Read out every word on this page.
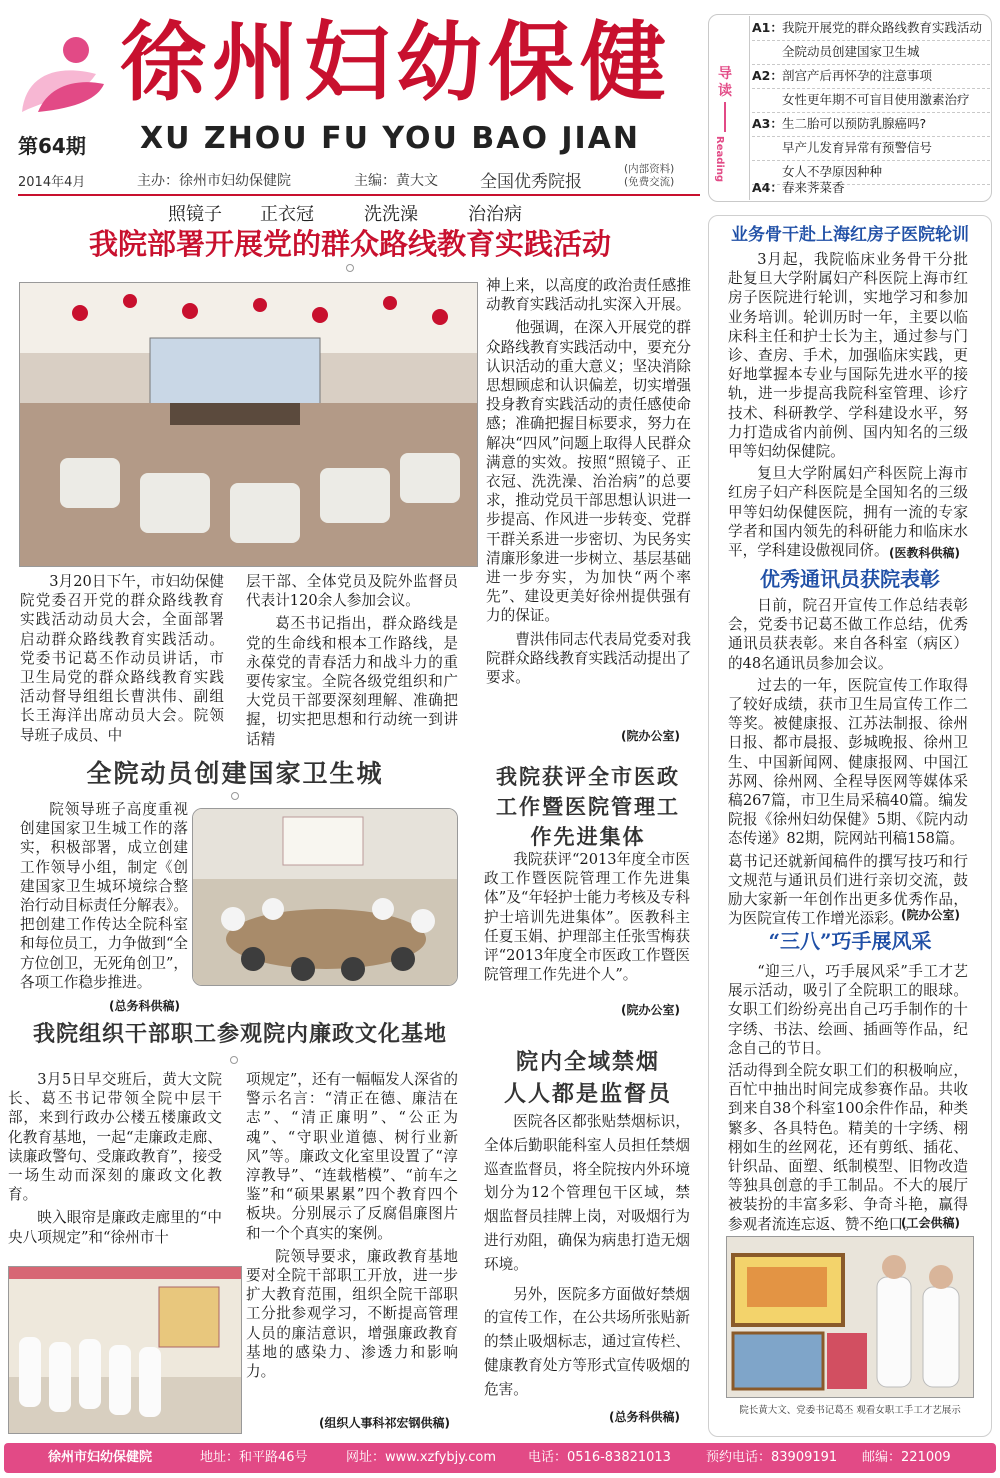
徐州妇幼保健
第64期	XU ZHOU FU YOU BAO JIAN
2014年4月	主办：徐州市妇幼保健院	主编：黄大文 全国优秀院报
(内部资料)
(免费交流)
导读
Reading
A1：我院开展党的群众路线教育实践活动
全院动员创建国家卫生城
A2：剖宫产后再怀孕的注意事项
女性更年期不可盲目使用激素治疗
A3：生二胎可以预防乳腺癌吗?
早产儿发育异常有预警信号
女人不孕原因种种
A4：春来荠菜香
照镜子 正衣冠	洗洗澡	治治病
我院部署开展党的群众路线教育实践活动

3月20日下午，市妇幼保健院党委召开党的群众路线教育实践活动动员大会，全面部署启动群众路线教育实践活动。党委书记葛丕作动员讲话，市卫生局党的群众路线教育实践活动督导组组长曹洪伟、副组长王海洋出席动员大会。院领导班子成员、中

层干部、全体党员及院外监督员代表计120余人参加会议。

葛丕书记指出，群众路线是党的生命线和根本工作路线，是永葆党的青春活力和战斗力的重要传家宝。全院各级党组织和广大党员干部要深刻理解、准确把握，切实把思想和行动统一到讲话精

神上来，以高度的政治责任感推动教育实践活动扎实深入开展。

他强调，在深入开展党的群众路线教育实践活动中，要充分认识活动的重大意义；坚决消除思想顾虑和认识偏差，切实增强投身教育实践活动的责任感使命感；准确把握目标要求，努力在解决“四风”问题上取得人民群众满意的实效。按照“照镜子、正衣冠、洗洗澡、治治病”的总要求，推动党员干部思想认识进一步提高、作风进一步转变、党群干群关系进一步密切、为民务实清廉形象进一步树立、基层基础进一步夯实，为加快“两个率先”、建设更美好徐州提供强有力的保证。

曹洪伟同志代表局党委对我院群众路线教育实践活动提出了要求。

(院办公室)
全院动员创建国家卫生城

院领导班子高度重视创建国家卫生城工作的落实，积极部署，成立创建工作领导小组，制定《创建国家卫生城环境综合整治行动目标责任分解表》。把创建工作传达全院科室和每位员工，力争做到“全方位创卫，无死角创卫”，各项工作稳步推进。

(总务科供稿)
我院获评全市医政
工作暨医院管理工
作先进集体

我院获评“2013年度全市医政工作暨医院管理工作先进集体”及“年轻护士能力考核及专科护士培训先进集体”。医教科主任夏玉娟、护理部主任张雪梅获评“2013年度全市医政工作暨医院管理工作先进个人”。

(院办公室)
我院组织干部职工参观院内廉政文化基地

3月5日早交班后，黄大文院长、葛丕书记带领全院中层干部，来到行政办公楼五楼廉政文化教育基地，一起“走廉政走廊、读廉政警句、受廉政教育”，接受一场生动而深刻的廉政文化教育。

映入眼帘是廉政走廊里的“中央八项规定”和“徐州市十

项规定”，还有一幅幅发人深省的警示名言：“清正在德、廉洁在志”、“清正廉明”、“公正为魂”、“守职业道德、树行业新风”等。廉政文化室里设置了“淳淳教导”、“连载楷模”、“前车之鉴”和“硕果累累”四个教育四个板块。分别展示了反腐倡廉图片和一个个真实的案例。

院领导要求，廉政教育基地要对全院干部职工开放，进一步扩大教育范围，组织全院干部职工分批参观学习，不断提高管理人员的廉洁意识，增强廉政教育基地的感染力、渗透力和影响力。

(组织人事科祁宏钢供稿)
院内全域禁烟
人人都是监督员

医院各区都张贴禁烟标识，全体后勤职能科室人员担任禁烟巡查监督员，将全院按内外环境划分为12个管理包干区域，禁烟监督员挂牌上岗，对吸烟行为进行劝阻，确保为病患打造无烟环境。

另外，医院多方面做好禁烟的宣传工作，在公共场所张贴新的禁止吸烟标志，通过宣传栏、健康教育处方等形式宣传吸烟的危害。

(总务科供稿)
业务骨干赴上海红房子医院轮训

3月起，我院临床业务骨干分批赴复旦大学附属妇产科医院上海市红房子医院进行轮训，实地学习和参加业务培训。轮训历时一年，主要以临床科主任和护士长为主，通过参与门诊、查房、手术，加强临床实践，更好地掌握本专业与国际先进水平的接轨，进一步提高我院科室管理、诊疗技术、科研教学、学科建设水平，努力打造成省内前例、国内知名的三级甲等妇幼保健院。

复旦大学附属妇产科医院上海市红房子妇产科医院是全国知名的三级甲等妇幼保健医院，拥有一流的专家学者和国内领先的科研能力和临床水平，学科建设傲视同侪。 (医教科供稿)
优秀通讯员获院表彰

日前，院召开宣传工作总结表彰会，党委书记葛丕做工作总结，优秀通讯员获表彰。来自各科室（病区）的48名通讯员参加会议。

过去的一年，医院宣传工作取得了较好成绩，获市卫生局宣传工作二等奖。被健康报、江苏法制报、徐州日报、都市晨报、彭城晚报、徐州卫生、中国新闻网、健康报网、中国江苏网、徐州网、全程导医网等媒体采稿267篇，市卫生局采稿40篇。编发院报《徐州妇幼保健》5期、《院内动态传递》82期，院网站刊稿158篇。

葛书记还就新闻稿件的撰写技巧和行文规范与通讯员们进行亲切交流，鼓励大家新一年创作出更多优秀作品，为医院宣传工作增光添彩。

(院办公室)
“三八”巧手展风采

“迎三八，巧手展风采”手工才艺展示活动，吸引了全院职工的眼球。女职工们纷纷亮出自己巧手制作的十字绣、书法、绘画、插画等作品，纪念自己的节日。

活动得到全院女职工们的积极响应，百忙中抽出时间完成参赛作品。共收到来自38个科室100余件作品，种类繁多、各具特色。精美的十字绣、栩栩如生的丝网花，还有剪纸、插花、针织品、面塑、纸制模型、旧物改造等独具创意的手工制品。不大的展厅被装扮的丰富多彩、争奇斗艳，赢得参观者流连忘返、赞不绝口。

(工会供稿)
院长黄大文、党委书记葛丕 观看女职工手工才艺展示
徐州市妇幼保健院	地址：和平路46号	网址：www.xzfybjy.com 电话：0516-83821013	预约电话：83909191 邮编：221009
